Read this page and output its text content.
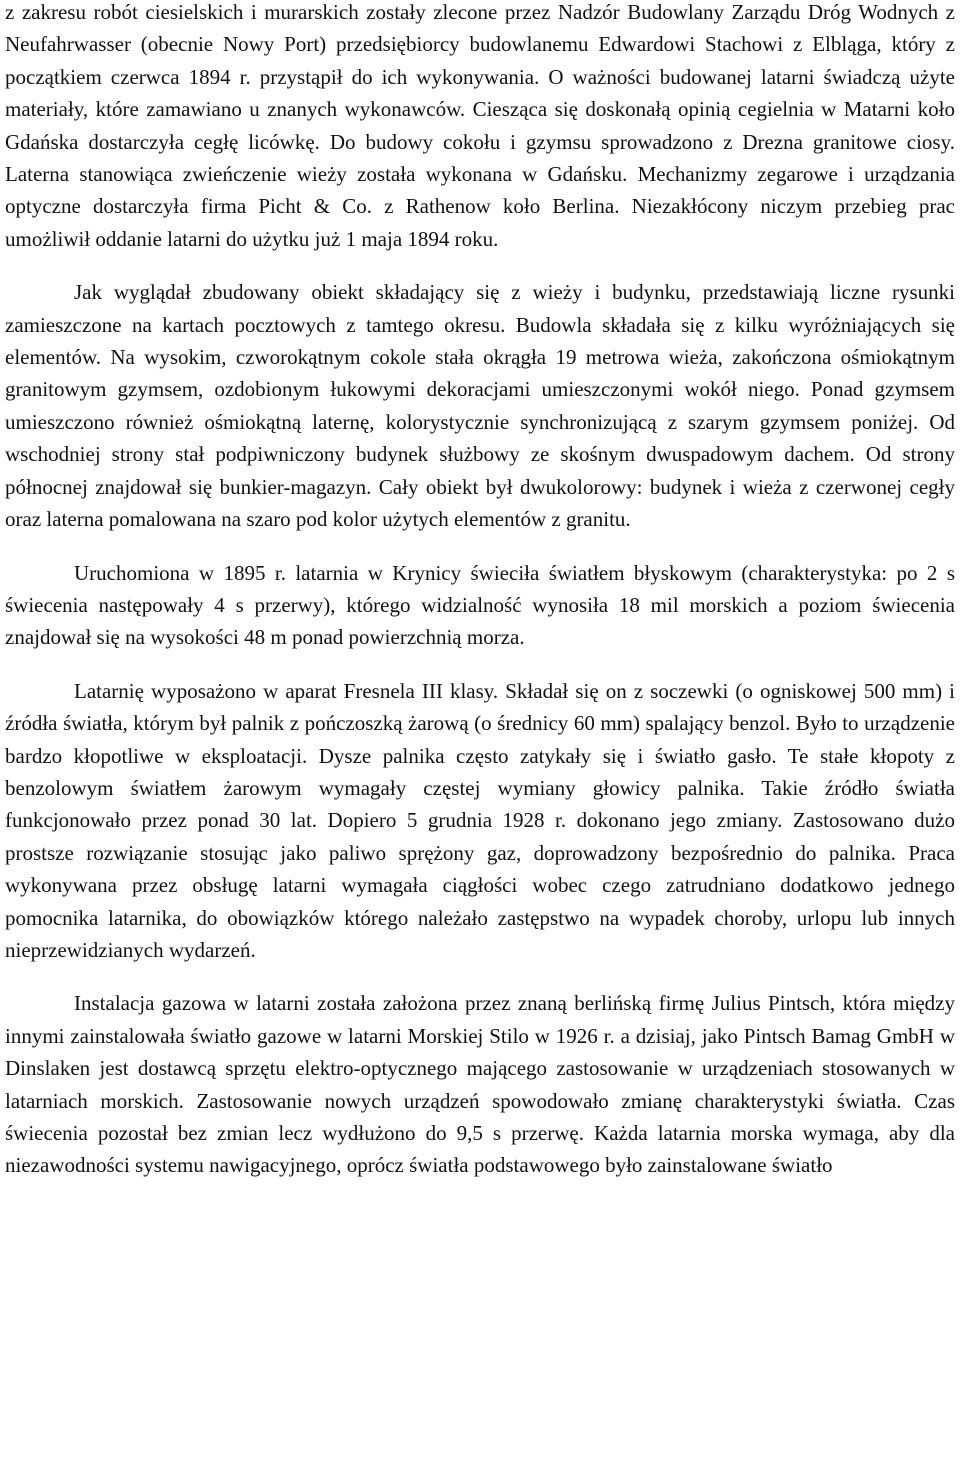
z zakresu robót ciesielskich i murarskich zostały zlecone przez Nadzór Budowlany Zarządu Dróg Wodnych z Neufahrwasser (obecnie Nowy Port) przedsiębiorcy budowlanemu Edwardowi Stachowi z Elbląga, który z początkiem czerwca 1894 r. przystąpił do ich wykonywania. O ważności budowanej latarni świadczą użyte materiały, które zamawiano u znanych wykonawców. Ciesząca się doskonałą opinią cegielnia w Matarni koło Gdańska dostarczyła cegłę licówkę. Do budowy cokołu i gzymsu sprowadzono z Drezna granitowe ciosy. Laterna stanowiąca zwieńczenie wieży została wykonana w Gdańsku. Mechanizmy zegarowe i urządzania optyczne dostarczyła firma Picht & Co. z Rathenow koło Berlina. Niezakłócony niczym przebieg prac umożliwił oddanie latarni do użytku już 1 maja 1894 roku.

Jak wyglądał zbudowany obiekt składający się z wieży i budynku, przedstawiają liczne rysunki zamieszczone na kartach pocztowych z tamtego okresu. Budowla składała się z kilku wyróżniających się elementów. Na wysokim, czworokątnym cokole stała okrągła 19 metrowa wieża, zakończona ośmiokątnym granitowym gzymsem, ozdobionym łukowymi dekoracjami umieszczonymi wokół niego. Ponad gzymsem umieszczono również ośmiokątną laternę, kolorystycznie synchronizującą z szarym gzymsem poniżej. Od wschodniej strony stał podpiwniczony budynek służbowy ze skośnym dwuspadowym dachem. Od strony północnej znajdował się bunkier-magazyn. Cały obiekt był dwukolorowy: budynek i wieża z czerwonej cegły oraz laterna pomalowana na szaro pod kolor użytych elementów z granitu.

Uruchomiona w 1895 r. latarnia w Krynicy świeciła światłem błyskowym (charakterystyka: po 2 s świecenia następowały 4 s przerwy), którego widzialność wynosiła 18 mil morskich a poziom świecenia znajdował się na wysokości 48 m ponad powierzchnią morza.

Latarnię wyposażono w aparat Fresnela III klasy. Składał się on z soczewki (o ogniskowej 500 mm) i źródła światła, którym był palnik z pończoszką żarową (o średnicy 60 mm) spalający benzol. Było to urządzenie bardzo kłopotliwe w eksploatacji. Dysze palnika często zatykały się i światło gasło. Te stałe kłopoty z benzolowym światłem żarowym wymagały częstej wymiany głowicy palnika. Takie źródło światła funkcjonowało przez ponad 30 lat. Dopiero 5 grudnia 1928 r. dokonano jego zmiany. Zastosowano dużo prostsze rozwiązanie stosując jako paliwo sprężony gaz, doprowadzony bezpośrednio do palnika. Praca wykonywana przez obsługę latarni wymagała ciągłości wobec czego zatrudniano dodatkowo jednego pomocnika latarnika, do obowiązków którego należało zastępstwo na wypadek choroby, urlopu lub innych nieprzewidzianych wydarzeń.

Instalacja gazowa w latarni została założona przez znaną berlińską firmę Julius Pintsch, która między innymi zainstalowała światło gazowe w latarni Morskiej Stilo w 1926 r. a dzisiaj, jako Pintsch Bamag GmbH w Dinslaken jest dostawcą sprzętu elektro-optycznego mającego zastosowanie w urządzeniach stosowanych w latarniach morskich. Zastosowanie nowych urządzeń spowodowało zmianę charakterystyki światła. Czas świecenia pozostał bez zmian lecz wydłużono do 9,5 s przerwę. Każda latarnia morska wymaga, aby dla niezawodności systemu nawigacyjnego, oprócz światła podstawowego było zainstalowane światło
